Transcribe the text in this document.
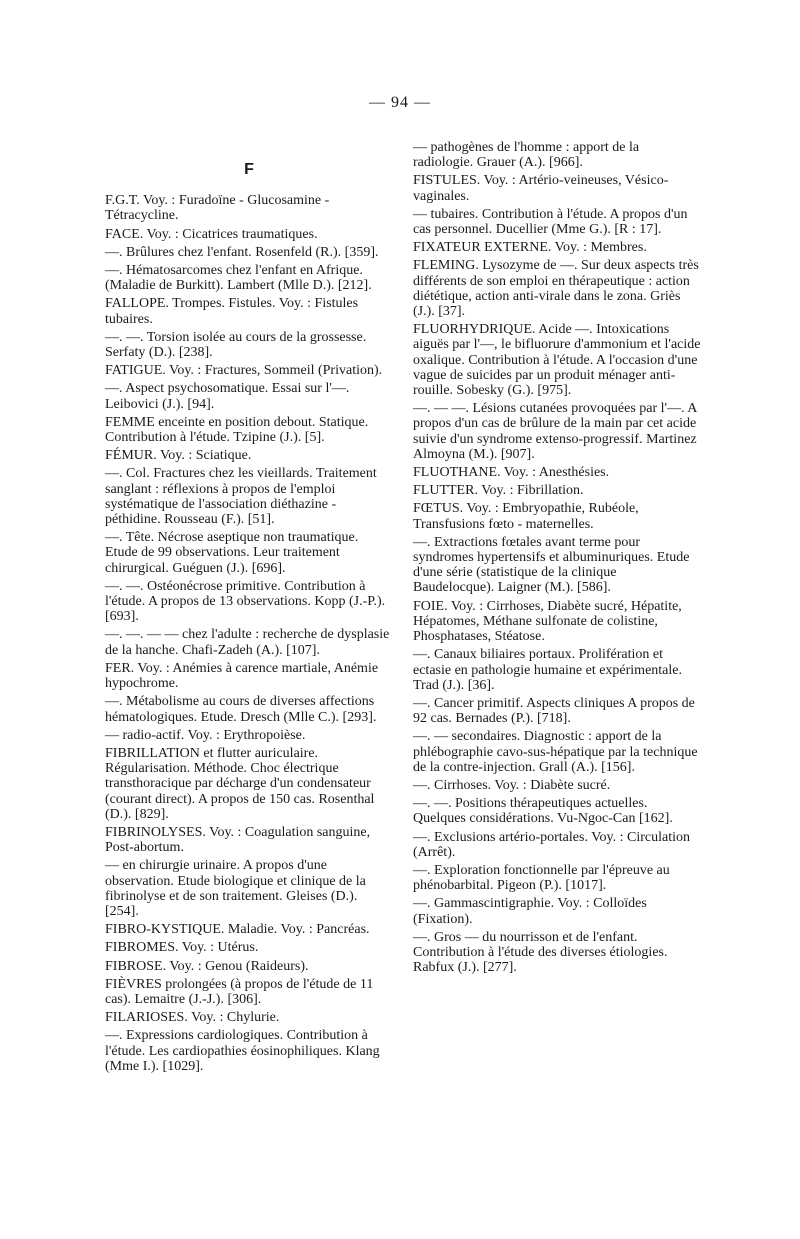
— 94 —
F
F.G.T. Voy. : Furadoïne - Glucosamine - Tétracycline.
FACE. Voy. : Cicatrices traumatiques.
—. Brûlures chez l'enfant. Rosenfeld (R.). [359].
—. Hématosarcomes chez l'enfant en Afrique. (Maladie de Burkitt). Lambert (Mlle D.). [212].
FALLOPE. Trompes. Fistules. Voy. : Fistules tubaires.
—. —. Torsion isolée au cours de la grossesse. Serfaty (D.). [238].
FATIGUE. Voy. : Fractures, Sommeil (Privation).
—. Aspect psychosomatique. Essai sur l'—. Leibovici (J.). [94].
FEMME enceinte en position debout. Statique. Contribution à l'étude. Tzipine (J.). [5].
FÉMUR. Voy. : Sciatique.
—. Col. Fractures chez les vieillards. Traitement sanglant : réflexions à propos de l'emploi systématique de l'association diéthazine - péthidine. Rousseau (F.). [51].
—. Tête. Nécrose aseptique non traumatique. Etude de 99 observations. Leur traitement chirurgical. Guéguen (J.). [696].
—. —. Ostéonécrose primitive. Contribution à l'étude. A propos de 13 observations. Kopp (J.-P.). [693].
—. —. — — chez l'adulte : recherche de dysplasie de la hanche. Chafi-Zadeh (A.). [107].
FER. Voy. : Anémies à carence martiale, Anémie hypochrome.
—. Métabolisme au cours de diverses affections hématologiques. Etude. Dresch (Mlle C.). [293].
— radio-actif. Voy. : Erythropoièse.
FIBRILLATION et flutter auriculaire. Régularisation. Méthode. Choc électrique transthoracique par décharge d'un condensateur (courant direct). A propos de 150 cas. Rosenthal (D.). [829].
FIBRINOLYSES. Voy. : Coagulation sanguine, Post-abortum.
— en chirurgie urinaire. A propos d'une observation. Etude biologique et clinique de la fibrinolyse et de son traitement. Gleises (D.). [254].
FIBRO-KYSTIQUE. Maladie. Voy. : Pancréas.
FIBROMES. Voy. : Utérus.
FIBROSE. Voy. : Genou (Raideurs).
FIÈVRES prolongées (à propos de l'étude de 11 cas). Lemaitre (J.-J.). [306].
FILARIOSES. Voy. : Chylurie.
—. Expressions cardiologiques. Contribution à l'étude. Les cardiopathies éosinophiliques. Klang (Mme I.). [1029].
— pathogènes de l'homme : apport de la radiologie. Grauer (A.). [966].
FISTULES. Voy. : Artério-veineuses, Vésico-vaginales.
— tubaires. Contribution à l'étude. A propos d'un cas personnel. Ducellier (Mme G.). [R : 17].
FIXATEUR EXTERNE. Voy. : Membres.
FLEMING. Lysozyme de —. Sur deux aspects très différents de son emploi en thérapeutique : action diététique, action anti-virale dans le zona. Griès (J.). [37].
FLUORHYDRIQUE. Acide —. Intoxications aiguës par l'—, le bifluorure d'ammonium et l'acide oxalique. Contribution à l'étude. A l'occasion d'une vague de suicides par un produit ménager anti-rouille. Sobesky (G.). [975].
—. — —. Lésions cutanées provoquées par l'—. A propos d'un cas de brûlure de la main par cet acide suivie d'un syndrome extenso-progressif. Martinez Almoyna (M.). [907].
FLUOTHANE. Voy. : Anesthésies.
FLUTTER. Voy. : Fibrillation.
FŒTUS. Voy. : Embryopathie, Rubéole, Transfusions fœto - maternelles.
—. Extractions fœtales avant terme pour syndromes hypertensifs et albuminuriques. Etude d'une série (statistique de la clinique Baudelocque). Laigner (M.). [586].
FOIE. Voy. : Cirrhoses, Diabète sucré, Hépatite, Hépatomes, Méthane sulfonate de colistine, Phosphatases, Stéatose.
—. Canaux biliaires portaux. Prolifération et ectasie en pathologie humaine et expérimentale. Trad (J.). [36].
—. Cancer primitif. Aspects cliniques A propos de 92 cas. Bernades (P.). [718].
—. — secondaires. Diagnostic : apport de la phlébographie cavo-sus-hépatique par la technique de la contre-injection. Grall (A.). [156].
—. Cirrhoses. Voy. : Diabète sucré.
—. —. Positions thérapeutiques actuelles. Quelques considérations. Vu-Ngoc-Can [162].
—. Exclusions artério-portales. Voy. : Circulation (Arrêt).
—. Exploration fonctionnelle par l'épreuve au phénobarbital. Pigeon (P.). [1017].
—. Gammascintigraphie. Voy. : Colloïdes (Fixation).
—. Gros — du nourrisson et de l'enfant. Contribution à l'étude des diverses étiologies. Rabfux (J.). [277].
